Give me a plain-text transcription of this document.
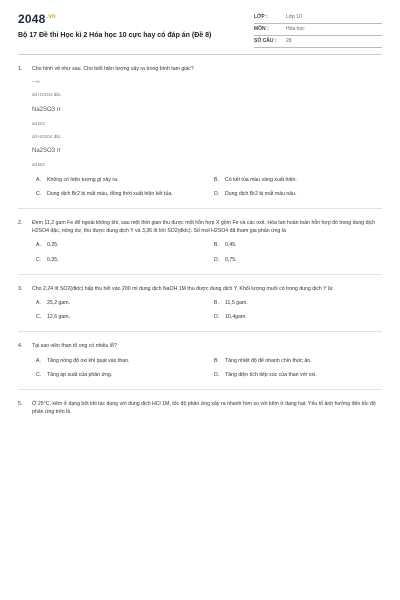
$2048^{.vn}$
Bộ 17 Đề thi Học kì 2 Hóa học 10 cực hay có đáp án (Đề 8)
LỚP :	Lớp 10
MÔN :	Hóa học
SỐ CÂU :	28
1.	Cho hình vẽ như sau. Cho biết hiện tượng xảy ra trong bình tam giác?
~~u
dd H2SO4 đặc
Na2SO3 rr
dd Br2
dd H2SO4 đặc
Na2SO3 rr
dd Br2
A.	Không có hiện tượng gì xảy ra.	B.	Có kết tủa màu vàng xuất hiện.
C.	Dung dịch Br2 bị mất màu, đồng thời xuất hiện kết tủa.	D.	Dung dịch Br2 bị mất màu nâu.
2.	Đem 11,2 gam Fe để ngoài không khí, sau một thời gian thu được một hỗn hợp X gồm Fe và các oxit. Hòa tan hoàn toàn hỗn hợp đó trong dung dịch H2SO4 đặc, nóng dư, thu được dung dịch Y và 3,36 lít khí SO2(đktc). Số mol H2SO4 đã tham gia phản ứng là
A.	0,25.	B.	0,45.
C.	0,35.	D.	0,75.
3.	Cho 2,24 lít SO2(đktc) hấp thụ hết vào 200 ml dung dịch NaOH 1M thu được dung dịch Y. Khối lượng muối có trong dung dịch Y là:
A.	25,2 gam.	B.	11,5 gam.
C.	12,6 gam.	D.	10,4gam.
4.	Tại sao viên than tổ ong có nhiều lỗ?
A.	Tăng nồng độ oxi khi quạt vào than.	B.	Tăng nhiệt độ để nhanh chín thức ăn.
C.	Tăng áp suất của phản ứng.	D.	Tăng diện tích tiếp xúc của than với oxi.
5.	Ở 25°C, kẽm ở dạng bột khi tác dụng với dung dịch HCl 1M, tốc độ phản ứng xảy ra nhanh hơn so với kẽm ở dạng hạt. Yếu tố ảnh hưởng đến tốc độ phản ứng trên là
